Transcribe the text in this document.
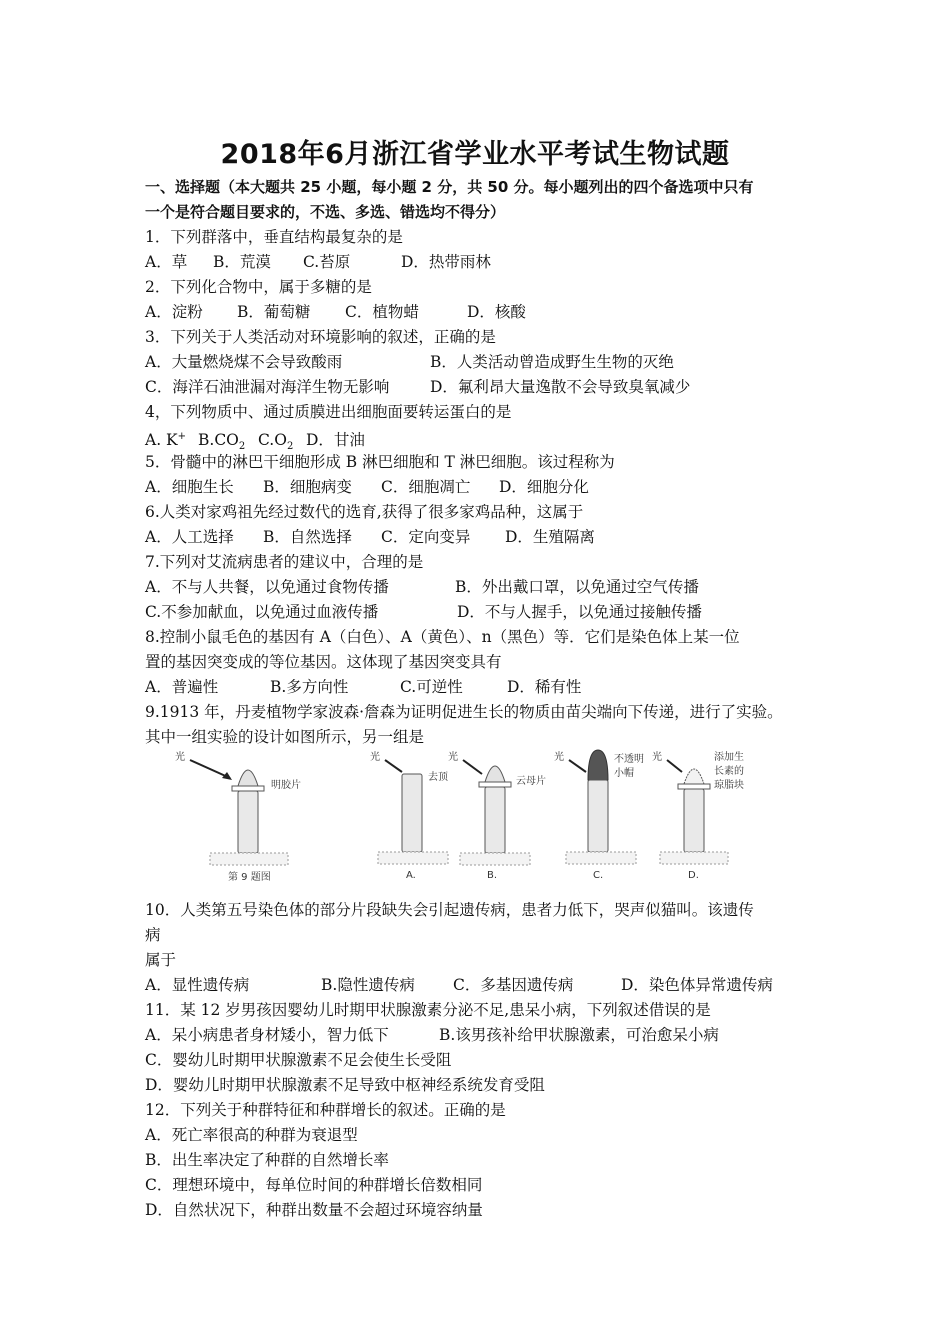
2018年6月浙江省学业水平考试生物试题
一、选择题（本大题共 25 小题，每小题 2 分，共 50 分。每小题列出的四个备选项中只有
一个是符合题目要求的，不选、多选、错选均不得分）
1．下列群落中，垂直结构最复杂的是
A．草 B．荒漠 C.苔原	D．热带雨林
2．下列化合物中，属于多糖的是
A．淀粉 B．葡萄糖 C．植物蜡	D．核酸
3．下列关于人类活动对环境影响的叙述，正确的是
A．大量燃烧煤不会导致酸雨	B．人类活动曾造成野生生物的灭绝
C．海洋石油泄漏对海洋生物无影响	D．氟利昂大量逸散不会导致臭氧减少
4，下列物质中、通过质膜进出细胞面要转运蛋白的是
A. K+ $B.CO_2$ $C.O_2$ D．甘油
5．骨髓中的淋巴干细胞形成 B 淋巴细胞和 T 淋巴细胞。该过程称为
A．细胞生长 B．细胞病变 C．细胞凋亡 D．细胞分化
6.人类对家鸡祖先经过数代的选育,获得了很多家鸡品种，这属于
A．人工选择 B．自然选择 C．定向变异 D．生殖隔离
7.下列对艾流病患者的建议中，合理的是
A．不与人共餐，以免通过食物传播	B．外出戴口罩，以免通过空气传播
C.不参加献血，以免通过血液传播	D．不与人握手，以免通过接触传播
8.控制小鼠毛色的基因有 A（白色）、A（黄色）、n（黑色）等．它们是染色体上某一位
置的基因突变成的等位基因。这体现了基因突变具有
A．普遍性	B.多方向性	C.可逆性	D．稀有性
9.1913 年，丹麦植物学家波森·詹森为证明促进生长的物质由苗尖端向下传递，进行了实验。
其中一组实验的设计如图所示，另一组是
光
明胶片
第 9 题图
光
去顶
A.
光
云母片
B.
光	不透明
小帽
C.
光	添加生
长素的
琼脂块
D.
10．人类第五号染色体的部分片段缺失会引起遗传病，患者力低下，哭声似猫叫。该遗传
病
属于
A．显性遗传病	B.隐性遗传病 C．多基因遗传病	D．染色体异常遗传病
11．某 12 岁男孩因婴幼儿时期甲状腺激素分泌不足,患呆小病，下列叙述借误的是
A．呆小病患者身材矮小，智力低下	B.该男孩补给甲状腺激素，可治愈呆小病
C．婴幼儿时期甲状腺激素不足会使生长受阻
D．婴幼儿时期甲状腺激素不足导致中枢神经系统发育受阻
12．下列关于种群特征和种群增长的叙述。正确的是
A．死亡率很高的种群为衰退型
B．出生率决定了种群的自然增长率
C．理想环境中，每单位时间的种群增长倍数相同
D．自然状况下，种群出数量不会超过环境容纳量
